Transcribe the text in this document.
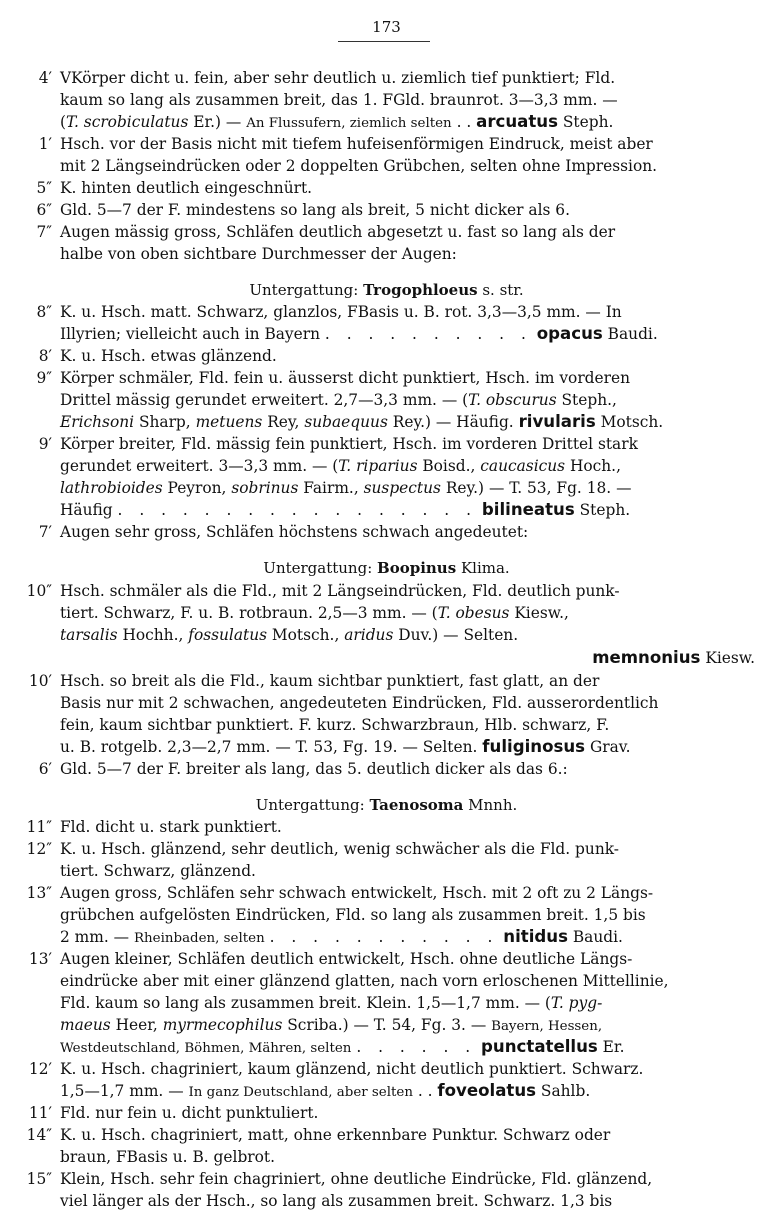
173
4′ VKörper dicht u. fein, aber sehr deutlich u. ziemlich tief punktiert; Fld.
kaum so lang als zusammen breit, das 1. FGld. braunrot. 3—3,3 mm. —
(T. scrobiculatus Er.) — An Flussufern, ziemlich selten . . arcuatus Steph.
1′ Hsch. vor der Basis nicht mit tiefem hufeisenförmigen Eindruck, meist aber
mit 2 Längseindrücken oder 2 doppelten Grübchen, selten ohne Impression.
5″ K. hinten deutlich eingeschnürt.
6″ Gld. 5—7 der F. mindestens so lang als breit, 5 nicht dicker als 6.
7″ Augen mässig gross, Schläfen deutlich abgesetzt u. fast so lang als der
halbe von oben sichtbare Durchmesser der Augen:
Untergattung: Trogophloeus s. str.
8″ K. u. Hsch. matt. Schwarz, glanzlos, FBasis u. B. rot. 3,3—3,5 mm. — In
Illyrien; vielleicht auch in Bayern . . . . . . . . . . opacus Baudi.
8′ K. u. Hsch. etwas glänzend.
9″ Körper schmäler, Fld. fein u. äusserst dicht punktiert, Hsch. im vorderen
Drittel mässig gerundet erweitert. 2,7—3,3 mm. — (T. obscurus Steph.,
Erichsoni Sharp, metuens Rey, subaequus Rey.) — Häufig. rivularis Motsch.
9′ Körper breiter, Fld. mässig fein punktiert, Hsch. im vorderen Drittel stark
gerundet erweitert. 3—3,3 mm. — (T. riparius Boisd., caucasicus Hoch.,
lathrobioides Peyron, sobrinus Fairm., suspectus Rey.) — T. 53, Fg. 18. —
Häufig . . . . . . . . . . . . . . . . . bilineatus Steph.
7′ Augen sehr gross, Schläfen höchstens schwach angedeutet:
Untergattung: Boopinus Klima.
10″ Hsch. schmäler als die Fld., mit 2 Längseindrücken, Fld. deutlich punk-
tiert. Schwarz, F. u. B. rotbraun. 2,5—3 mm. — (T. obesus Kiesw.,
tarsalis Hochh., fossulatus Motsch., aridus Duv.) — Selten.
memnonius Kiesw.
10′ Hsch. so breit als die Fld., kaum sichtbar punktiert, fast glatt, an der
Basis nur mit 2 schwachen, angedeuteten Eindrücken, Fld. ausserordentlich
fein, kaum sichtbar punktiert. F. kurz. Schwarzbraun, Hlb. schwarz, F.
u. B. rotgelb. 2,3—2,7 mm. — T. 53, Fg. 19. — Selten. fuliginosus Grav.
6′ Gld. 5—7 der F. breiter als lang, das 5. deutlich dicker als das 6.:
Untergattung: Taenosoma Mnnh.
11″ Fld. dicht u. stark punktiert.
12″ K. u. Hsch. glänzend, sehr deutlich, wenig schwächer als die Fld. punk-
tiert. Schwarz, glänzend.
13″ Augen gross, Schläfen sehr schwach entwickelt, Hsch. mit 2 oft zu 2 Längs-
grübchen aufgelösten Eindrücken, Fld. so lang als zusammen breit. 1,5 bis
2 mm. — Rheinbaden, selten . . . . . . . . . . . nitidus Baudi.
13′ Augen kleiner, Schläfen deutlich entwickelt, Hsch. ohne deutliche Längs-
eindrücke aber mit einer glänzend glatten, nach vorn erloschenen Mittellinie,
Fld. kaum so lang als zusammen breit. Klein. 1,5—1,7 mm. — (T. pyg-
maeus Heer, myrmecophilus Scriba.) — T. 54, Fg. 3. — Bayern, Hessen,
Westdeutschland, Böhmen, Mähren, selten . . . . . . punctatellus Er.
12′ K. u. Hsch. chagriniert, kaum glänzend, nicht deutlich punktiert. Schwarz.
1,5—1,7 mm. — In ganz Deutschland, aber selten . . foveolatus Sahlb.
11′ Fld. nur fein u. dicht punktuliert.
14″ K. u. Hsch. chagriniert, matt, ohne erkennbare Punktur. Schwarz oder
braun, FBasis u. B. gelbrot.
15″ Klein, Hsch. sehr fein chagriniert, ohne deutliche Eindrücke, Fld. glänzend,
viel länger als der Hsch., so lang als zusammen breit. Schwarz. 1,3 bis
